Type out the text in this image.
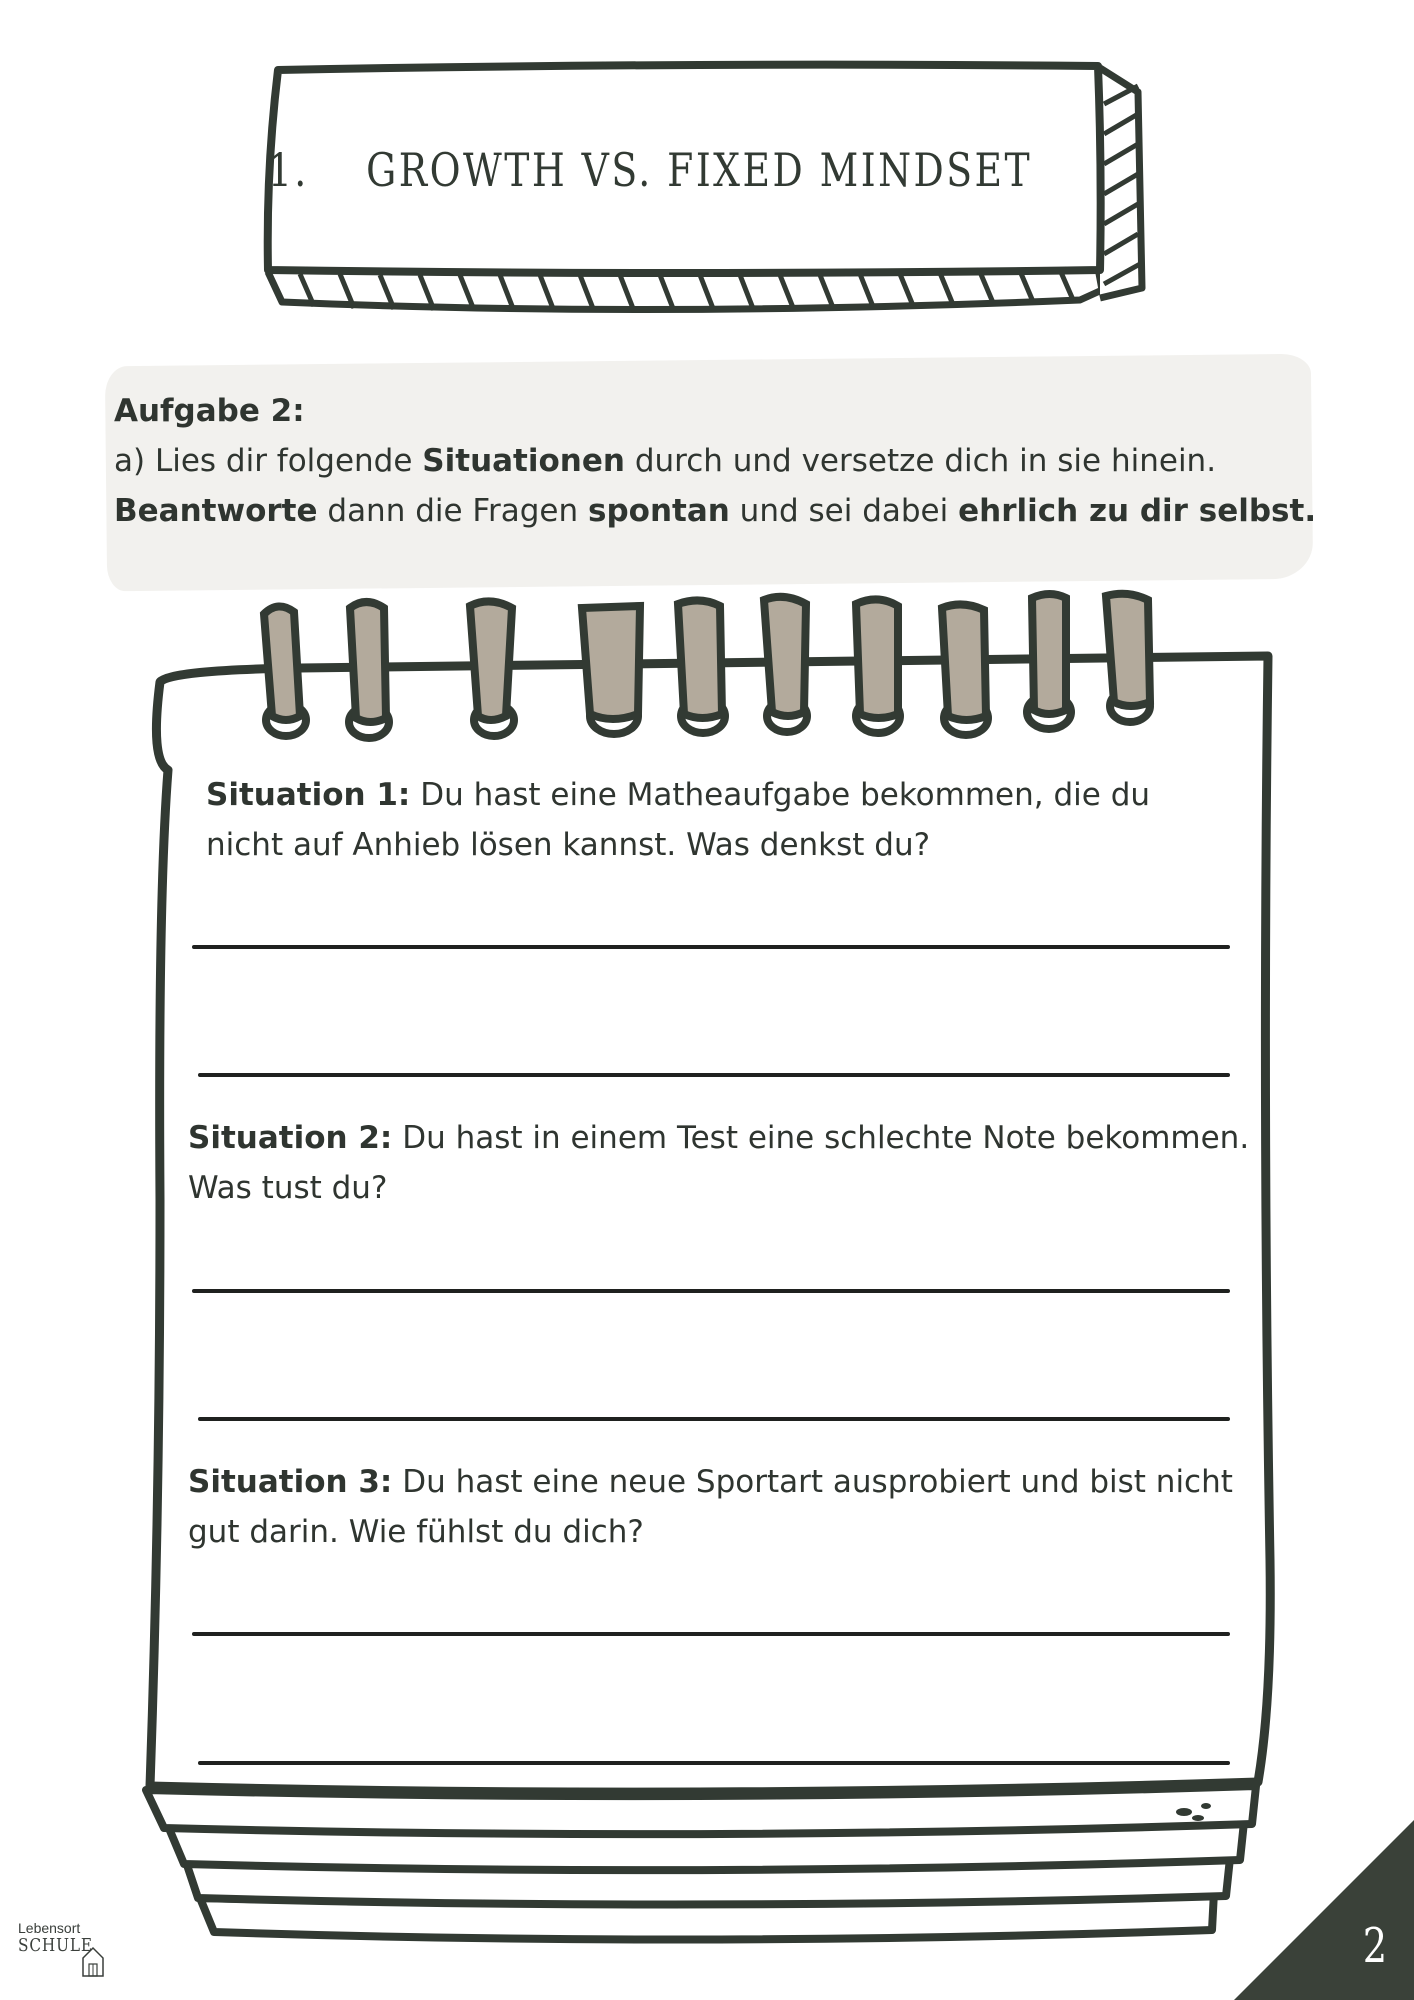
1. GROWTH VS. FIXED MINDSET
Aufgabe 2:
a) Lies dir folgende Situationen durch und versetze dich in sie hinein.
Beantworte dann die Fragen spontan und sei dabei ehrlich zu dir selbst.
Situation 1: Du hast eine Matheaufgabe bekommen, die du
nicht auf Anhieb lösen kannst. Was denkst du?
Situation 2: Du hast in einem Test eine schlechte Note bekommen.
Was tust du?
Situation 3: Du hast eine neue Sportart ausprobiert und bist nicht
gut darin. Wie fühlst du dich?
Lebensort
SCHULE	2
